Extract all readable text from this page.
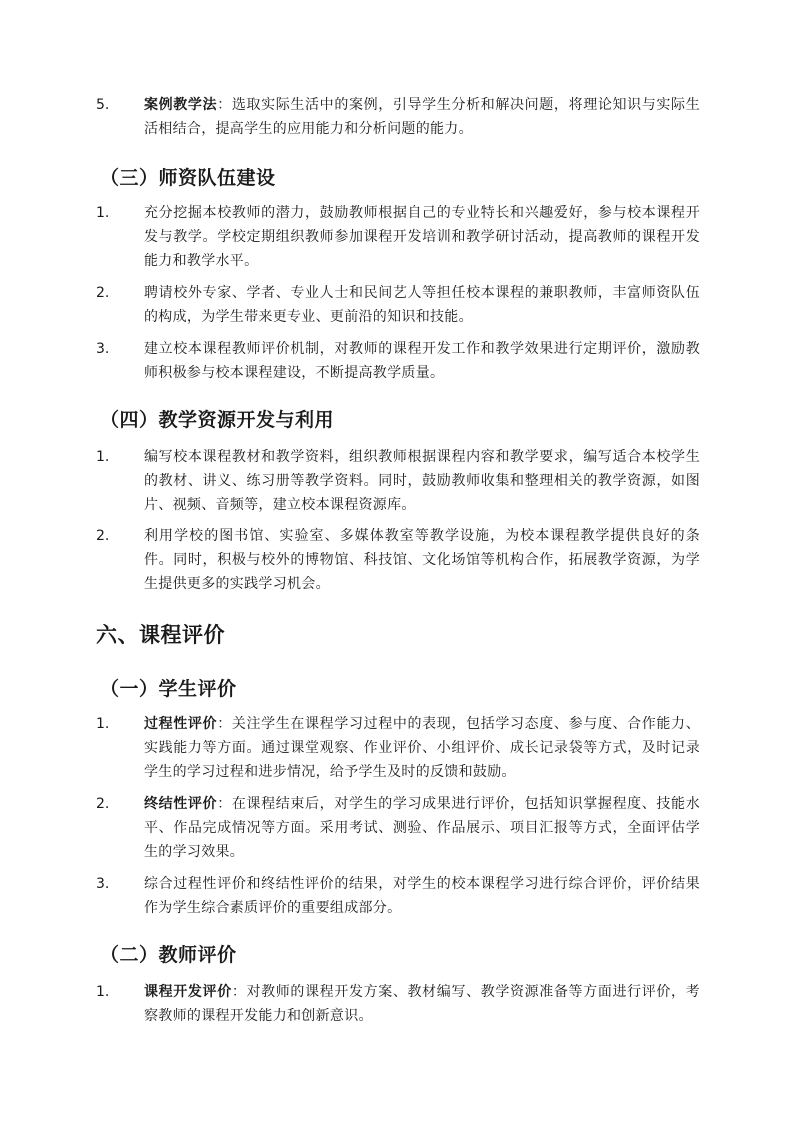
5. 案例教学法：选取实际生活中的案例，引导学生分析和解决问题，将理论知识与实际生活相结合，提高学生的应用能力和分析问题的能力。
（三）师资队伍建设
1. 充分挖掘本校教师的潜力，鼓励教师根据自己的专业特长和兴趣爱好，参与校本课程开发与教学。学校定期组织教师参加课程开发培训和教学研讨活动，提高教师的课程开发能力和教学水平。
2. 聘请校外专家、学者、专业人士和民间艺人等担任校本课程的兼职教师，丰富师资队伍的构成，为学生带来更专业、更前沿的知识和技能。
3. 建立校本课程教师评价机制，对教师的课程开发工作和教学效果进行定期评价，激励教师积极参与校本课程建设，不断提高教学质量。
（四）教学资源开发与利用
1. 编写校本课程教材和教学资料，组织教师根据课程内容和教学要求，编写适合本校学生的教材、讲义、练习册等教学资料。同时，鼓励教师收集和整理相关的教学资源，如图片、视频、音频等，建立校本课程资源库。
2. 利用学校的图书馆、实验室、多媒体教室等教学设施，为校本课程教学提供良好的条件。同时，积极与校外的博物馆、科技馆、文化场馆等机构合作，拓展教学资源，为学生提供更多的实践学习机会。
六、课程评价
（一）学生评价
1. 过程性评价：关注学生在课程学习过程中的表现，包括学习态度、参与度、合作能力、实践能力等方面。通过课堂观察、作业评价、小组评价、成长记录袋等方式，及时记录学生的学习过程和进步情况，给予学生及时的反馈和鼓励。
2. 终结性评价：在课程结束后，对学生的学习成果进行评价，包括知识掌握程度、技能水平、作品完成情况等方面。采用考试、测验、作品展示、项目汇报等方式，全面评估学生的学习效果。
3. 综合过程性评价和终结性评价的结果，对学生的校本课程学习进行综合评价，评价结果作为学生综合素质评价的重要组成部分。
（二）教师评价
1. 课程开发评价：对教师的课程开发方案、教材编写、教学资源准备等方面进行评价，考察教师的课程开发能力和创新意识。
